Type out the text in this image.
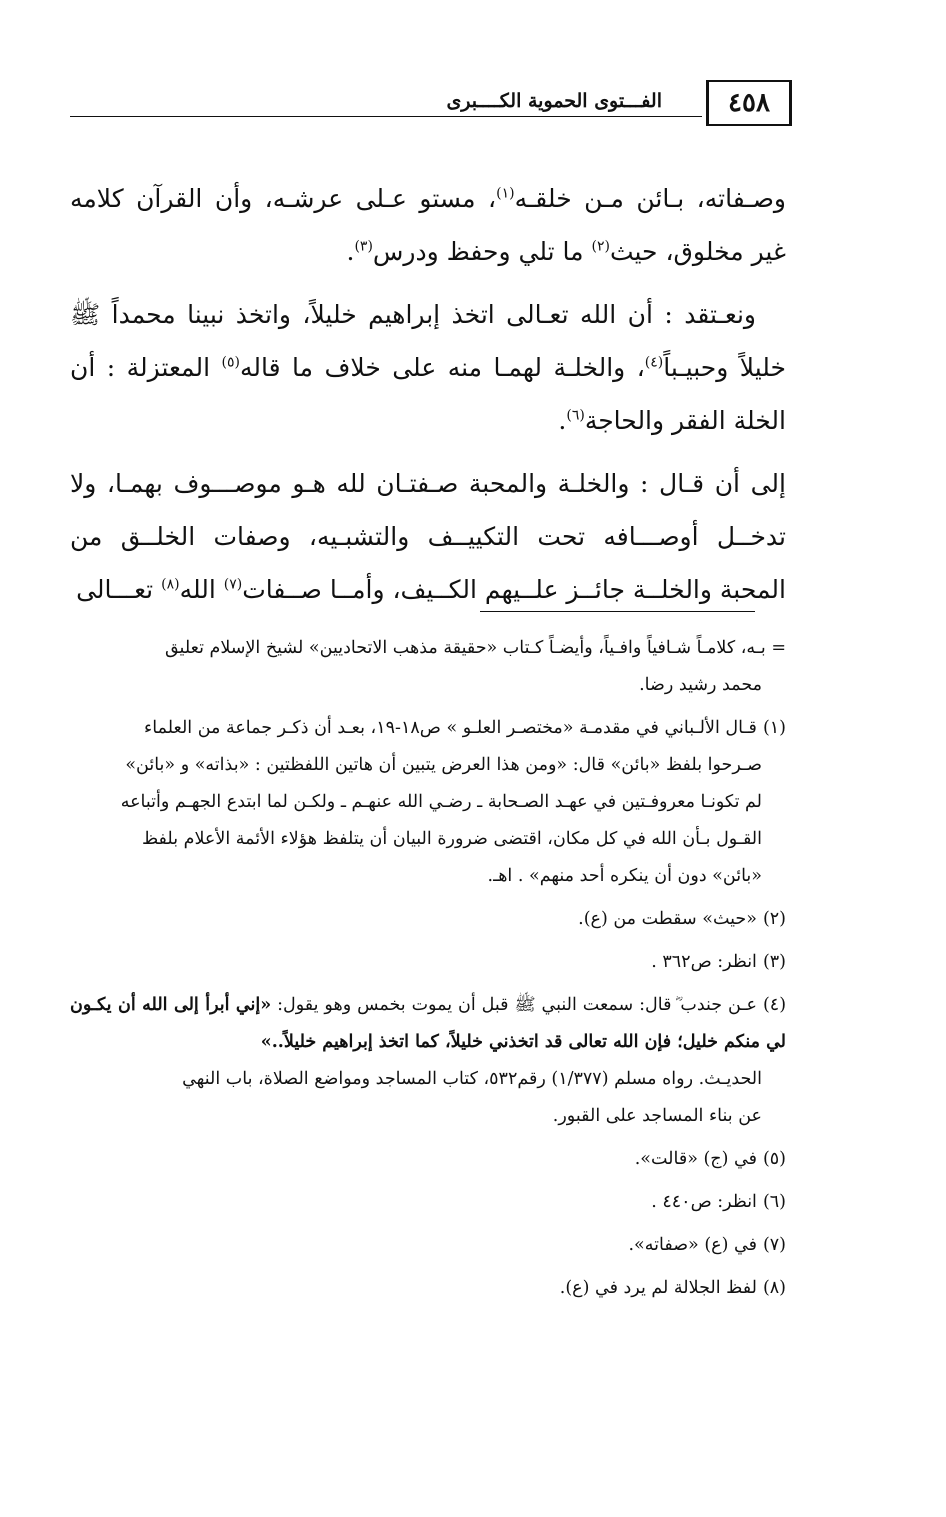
الفـــتوى الحموية الكــــبرى	٤٥٨

وصـفاته، بـائن مـن خلقـه$^{(١)}$، مستو عـلى عرشـه، وأن القرآن كلامه غير مخلوق، حيث$^{(٢)}$ ما تلي وحفظ ودرس$^{(٣)}$.

ونعـتقد : أن الله تعـالى اتخذ إبراهيم خليلاً، واتخذ نبينا محمداً ﷺ خليلاً وحبيـباً$^{(٤)}$، والخلـة لهمـا منه على خلاف ما قاله$^{(٥)}$ المعتزلة : أن الخلة الفقر والحاجة$^{(٦)}$.

إلى أن قـال : والخلـة والمحبة صـفتـان لله هـو موصـــوف بهمـا، ولا تدخــل أوصـــافه تحت التكييــف والتشبـيه، وصفات الخلــق من المحبة والخلــة جائــز علــيهم الكــيف، وأمــا صــفات$^{(٧)}$ الله$^{(٨)}$ تعـــالى

= بـه، كلامـاً شـافياً وافـياً، وأيضـاً كـتاب «حقيقة مذهب الاتحاديين» لشيخ الإسلام تعليق
محمد رشيد رضا.
(١)قـال الألـباني في مقدمـة «مختصـر العلـو » ص١٨-١٩، بعـد أن ذكـر جماعة من العلماء
صـرحوا بلفظ «بائن» قال: «ومن هذا العرض يتبين أن هاتين اللفظتين : «بذاته» و «بائن»
لم تكونـا معروفـتين في عهـد الصـحابة ـ رضـي الله عنهـم ـ ولكـن لما ابتدع الجهـم وأتباعه
القـول بـأن الله في كل مكان، اقتضى ضرورة البيان أن يتلفظ هؤلاء الأئمة الأعلام بلفظ
«بائن» دون أن ينكره أحد منهم» . اهـ.
(٢)«حيث» سقطت من (ع).
(٣)انظر: ص٣٦٢ .
(٤)عـن جندب ؓ قال: سمعت النبي ﷺ قبل أن يموت بخمس وهو يقول: «إني أبرأ إلى الله أن يكـون لي منكم خليل؛ فإن الله تعالى قد اتخذني خليلاً، كما اتخذ إبراهيم خليلاً..»
الحديـث. رواه مسلم (١/٣٧٧) رقم٥٣٢، كتاب المساجد ومواضع الصلاة، باب النهي
عن بناء المساجد على القبور.
(٥)في (ج) «قالت».
(٦)انظر: ص٤٤٠ .
(٧)في (ع) «صفاته».
(٨)لفظ الجلالة لم يرد في (ع).
